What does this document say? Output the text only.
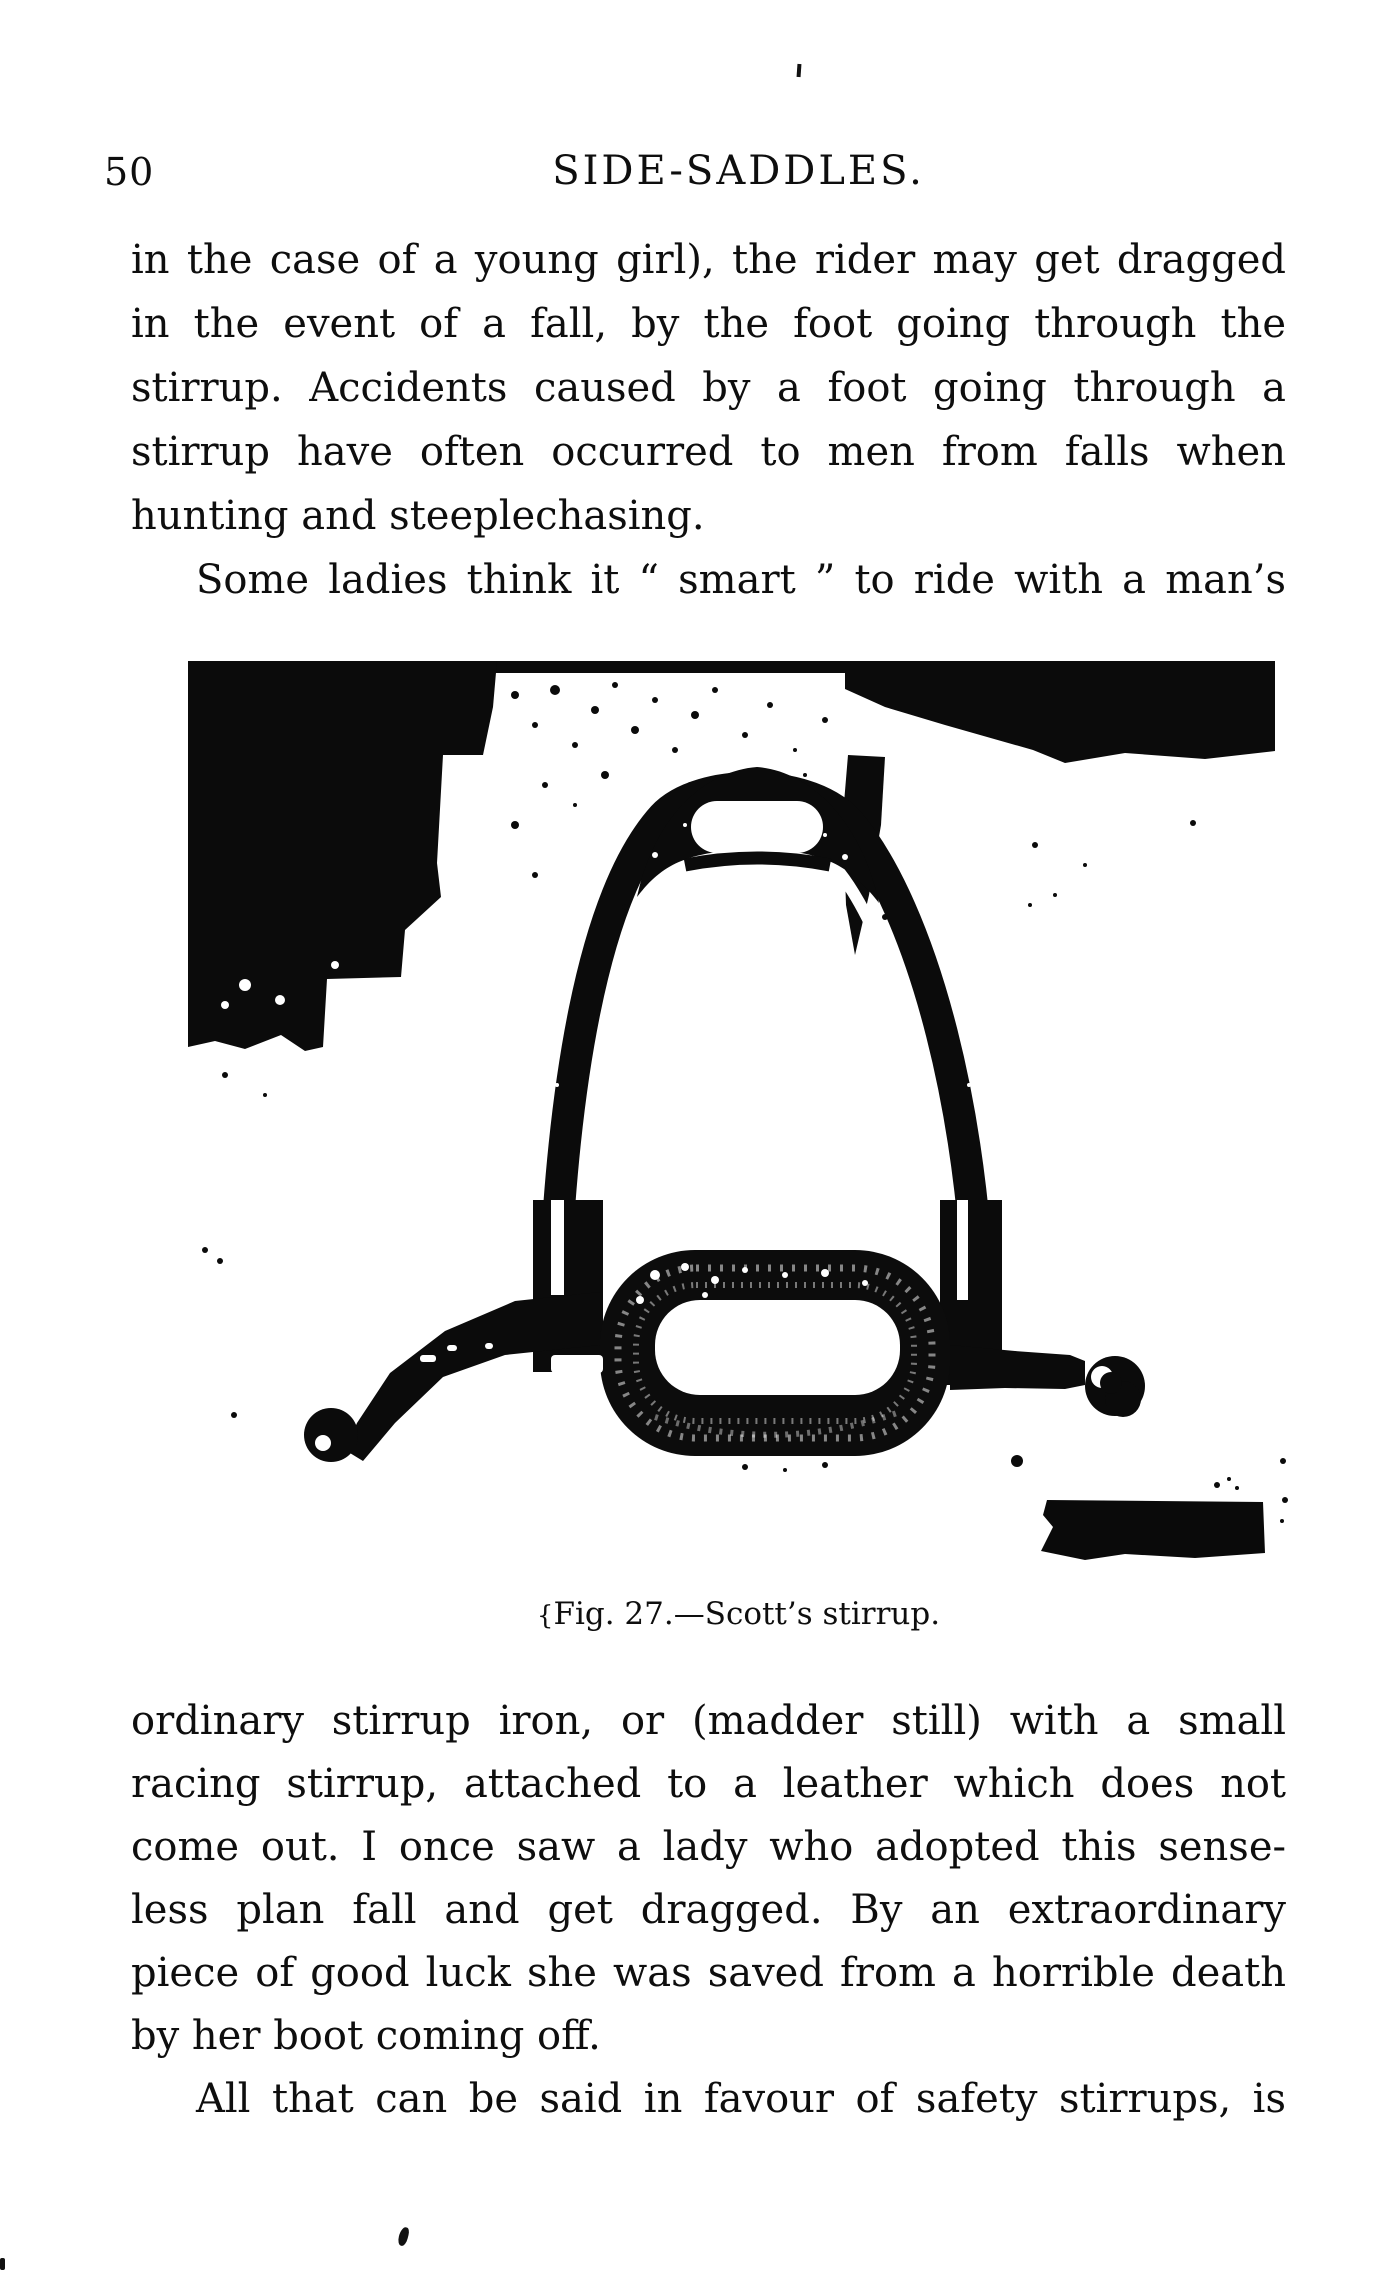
50	SIDE-SADDLES.
in the case of a young girl), the rider may get dragged
in the event of a fall, by the foot going through the
stirrup. Accidents caused by a foot going through a
stirrup have often occurred to men from falls when
hunting and steeplechasing.
Some ladies think it “ smart ” to ride with a man’s
{Fig. 27.—Scott’s stirrup.
ordinary stirrup iron, or (madder still) with a small
racing stirrup, attached to a leather which does not
come out. I once saw a lady who adopted this sense-
less plan fall and get dragged. By an extraordinary
piece of good luck she was saved from a horrible death
by her boot coming off.
All that can be said in favour of safety stirrups, is
